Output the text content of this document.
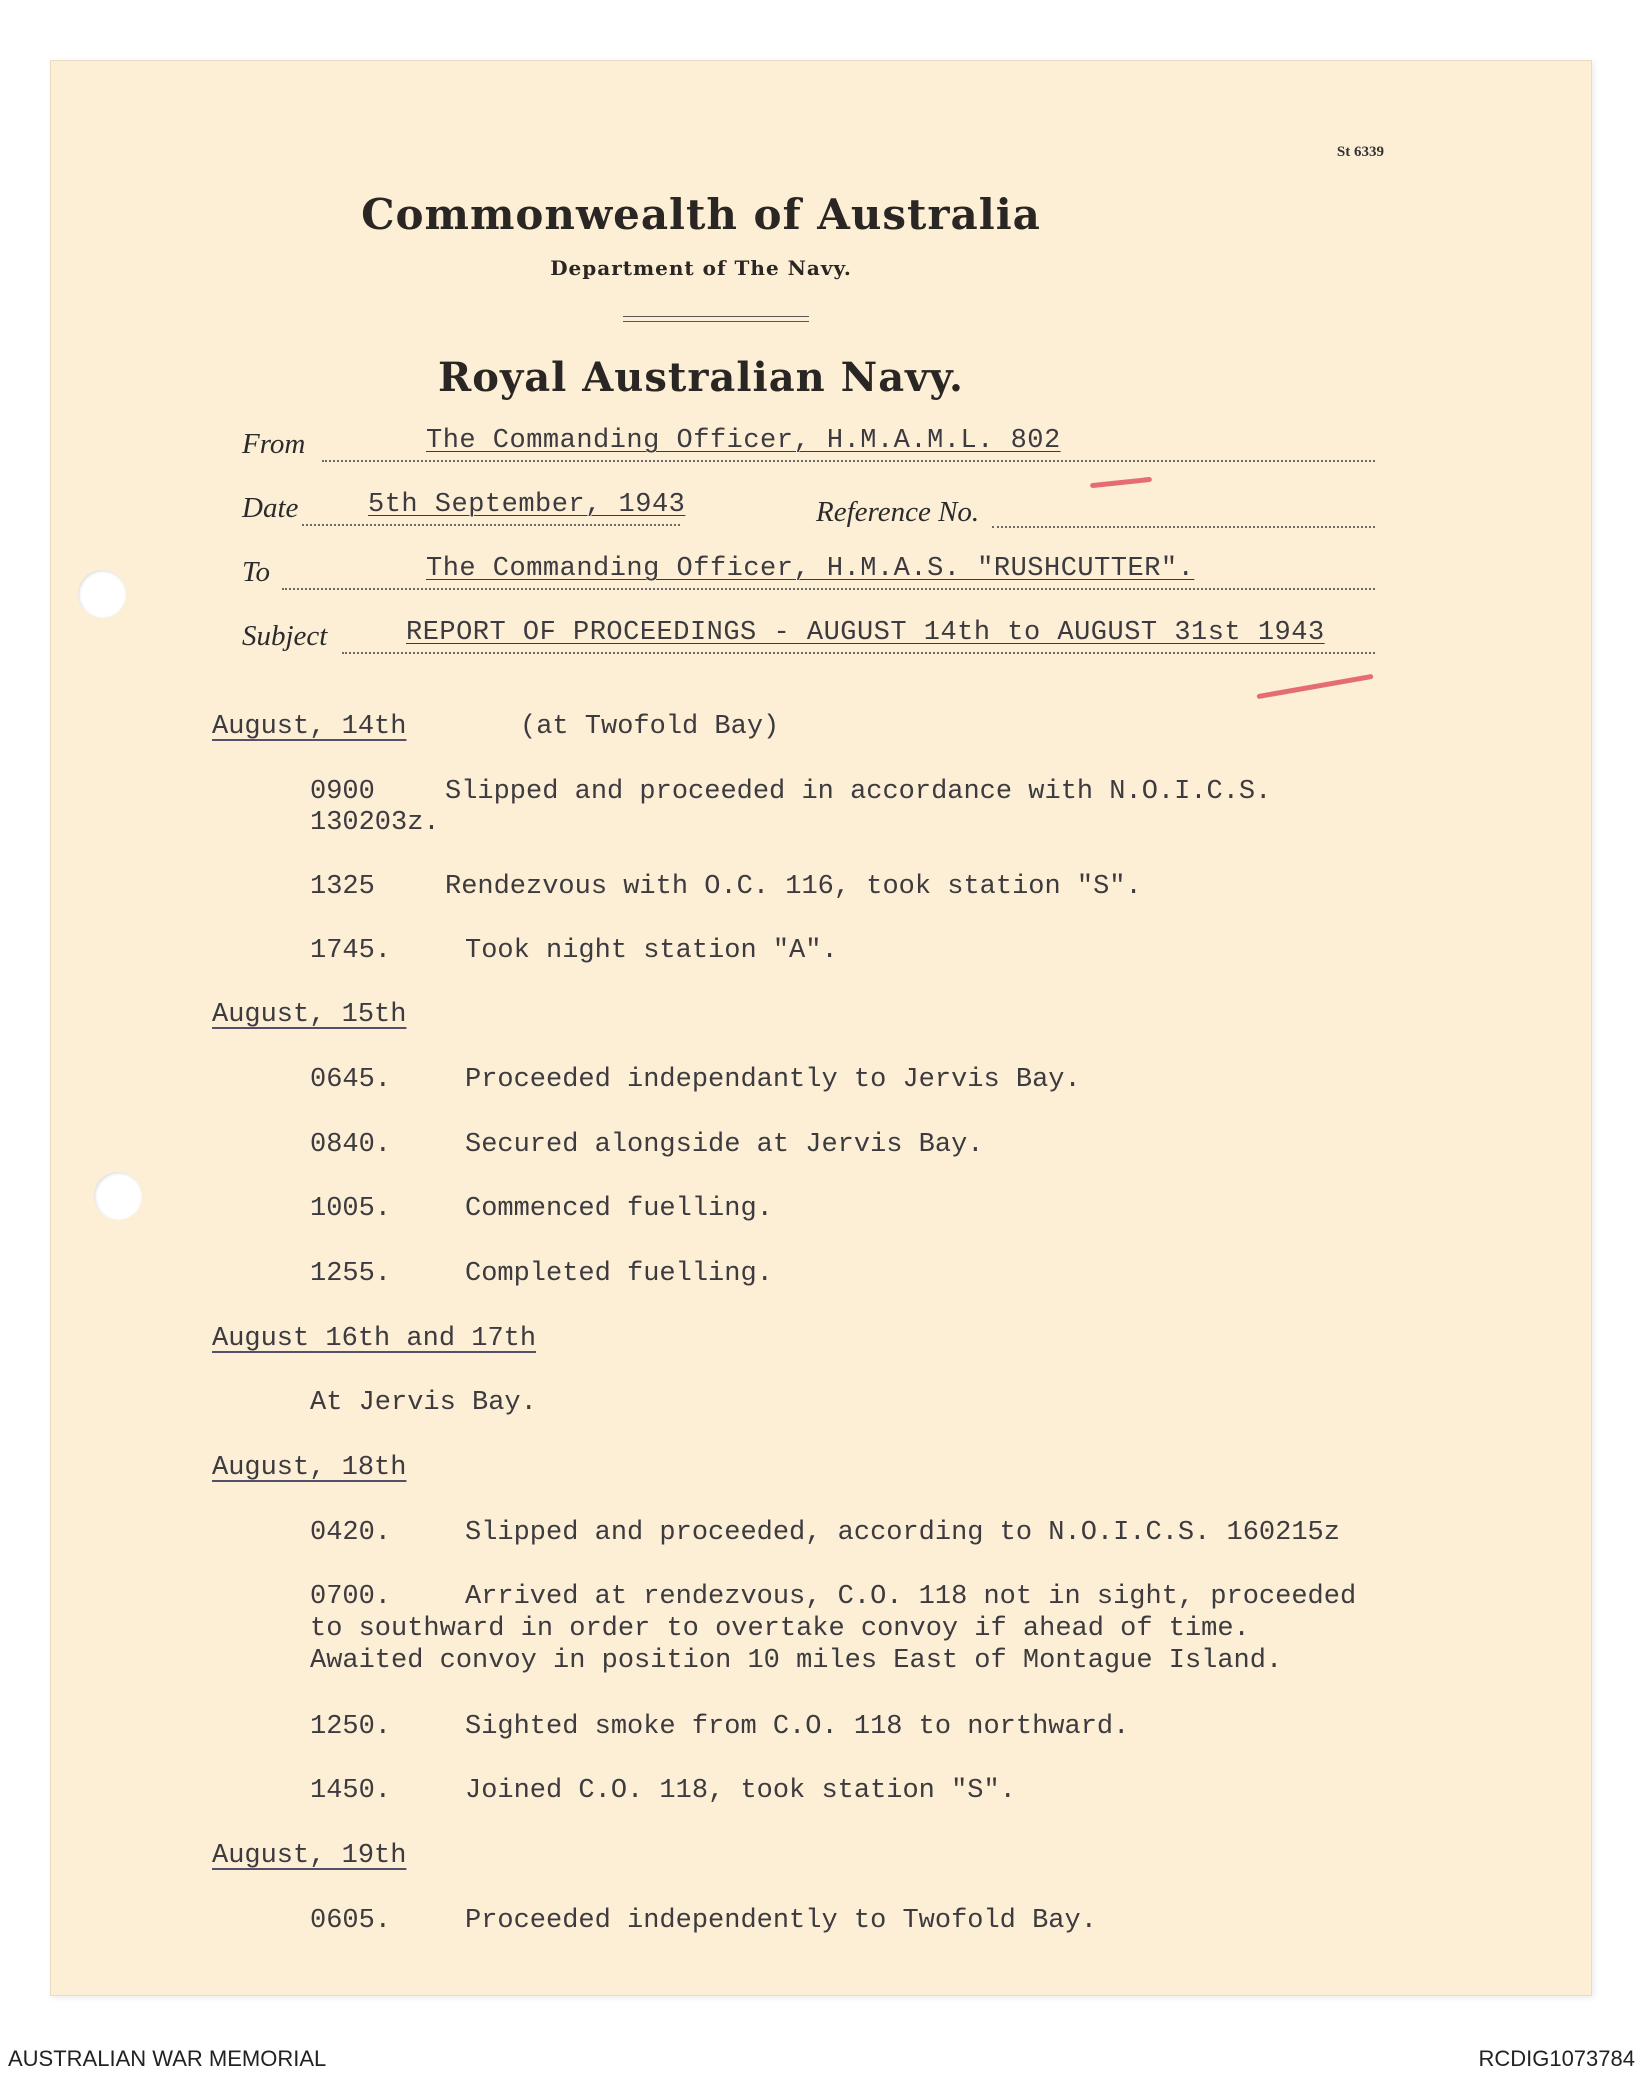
St 6339
Commonwealth of Australia
Department of The Navy.
Royal Australian Navy.
From	The Commanding Officer, H.M.A.M.L. 802
Date	5th September, 1943	Reference No.
To	The Commanding Officer, H.M.A.S. "RUSHCUTTER".
Subject	REPORT OF PROCEEDINGS - AUGUST 14th to AUGUST 31st 1943
August, 14th	(at Twofold Bay)
0900	Slipped and proceeded in accordance with N.O.I.C.S.
130203z.
1325	Rendezvous with O.C. 116, took station "S".
1745.	Took night station "A".
August, 15th
0645.	Proceeded independantly to Jervis Bay.
0840.	Secured alongside at Jervis Bay.
1005.	Commenced fuelling.
1255.	Completed fuelling.
August 16th and 17th
At Jervis Bay.
August, 18th
0420.	Slipped and proceeded, according to N.O.I.C.S. 160215z
0700.	Arrived at rendezvous, C.O. 118 not in sight, proceeded
to southward in order to overtake convoy if ahead of time.
Awaited convoy in position 10 miles East of Montague Island.
1250.	Sighted smoke from C.O. 118 to northward.
1450.	Joined C.O. 118, took station "S".
August, 19th
0605.	Proceeded independently to Twofold Bay.
AUSTRALIAN WAR MEMORIAL	RCDIG1073784
